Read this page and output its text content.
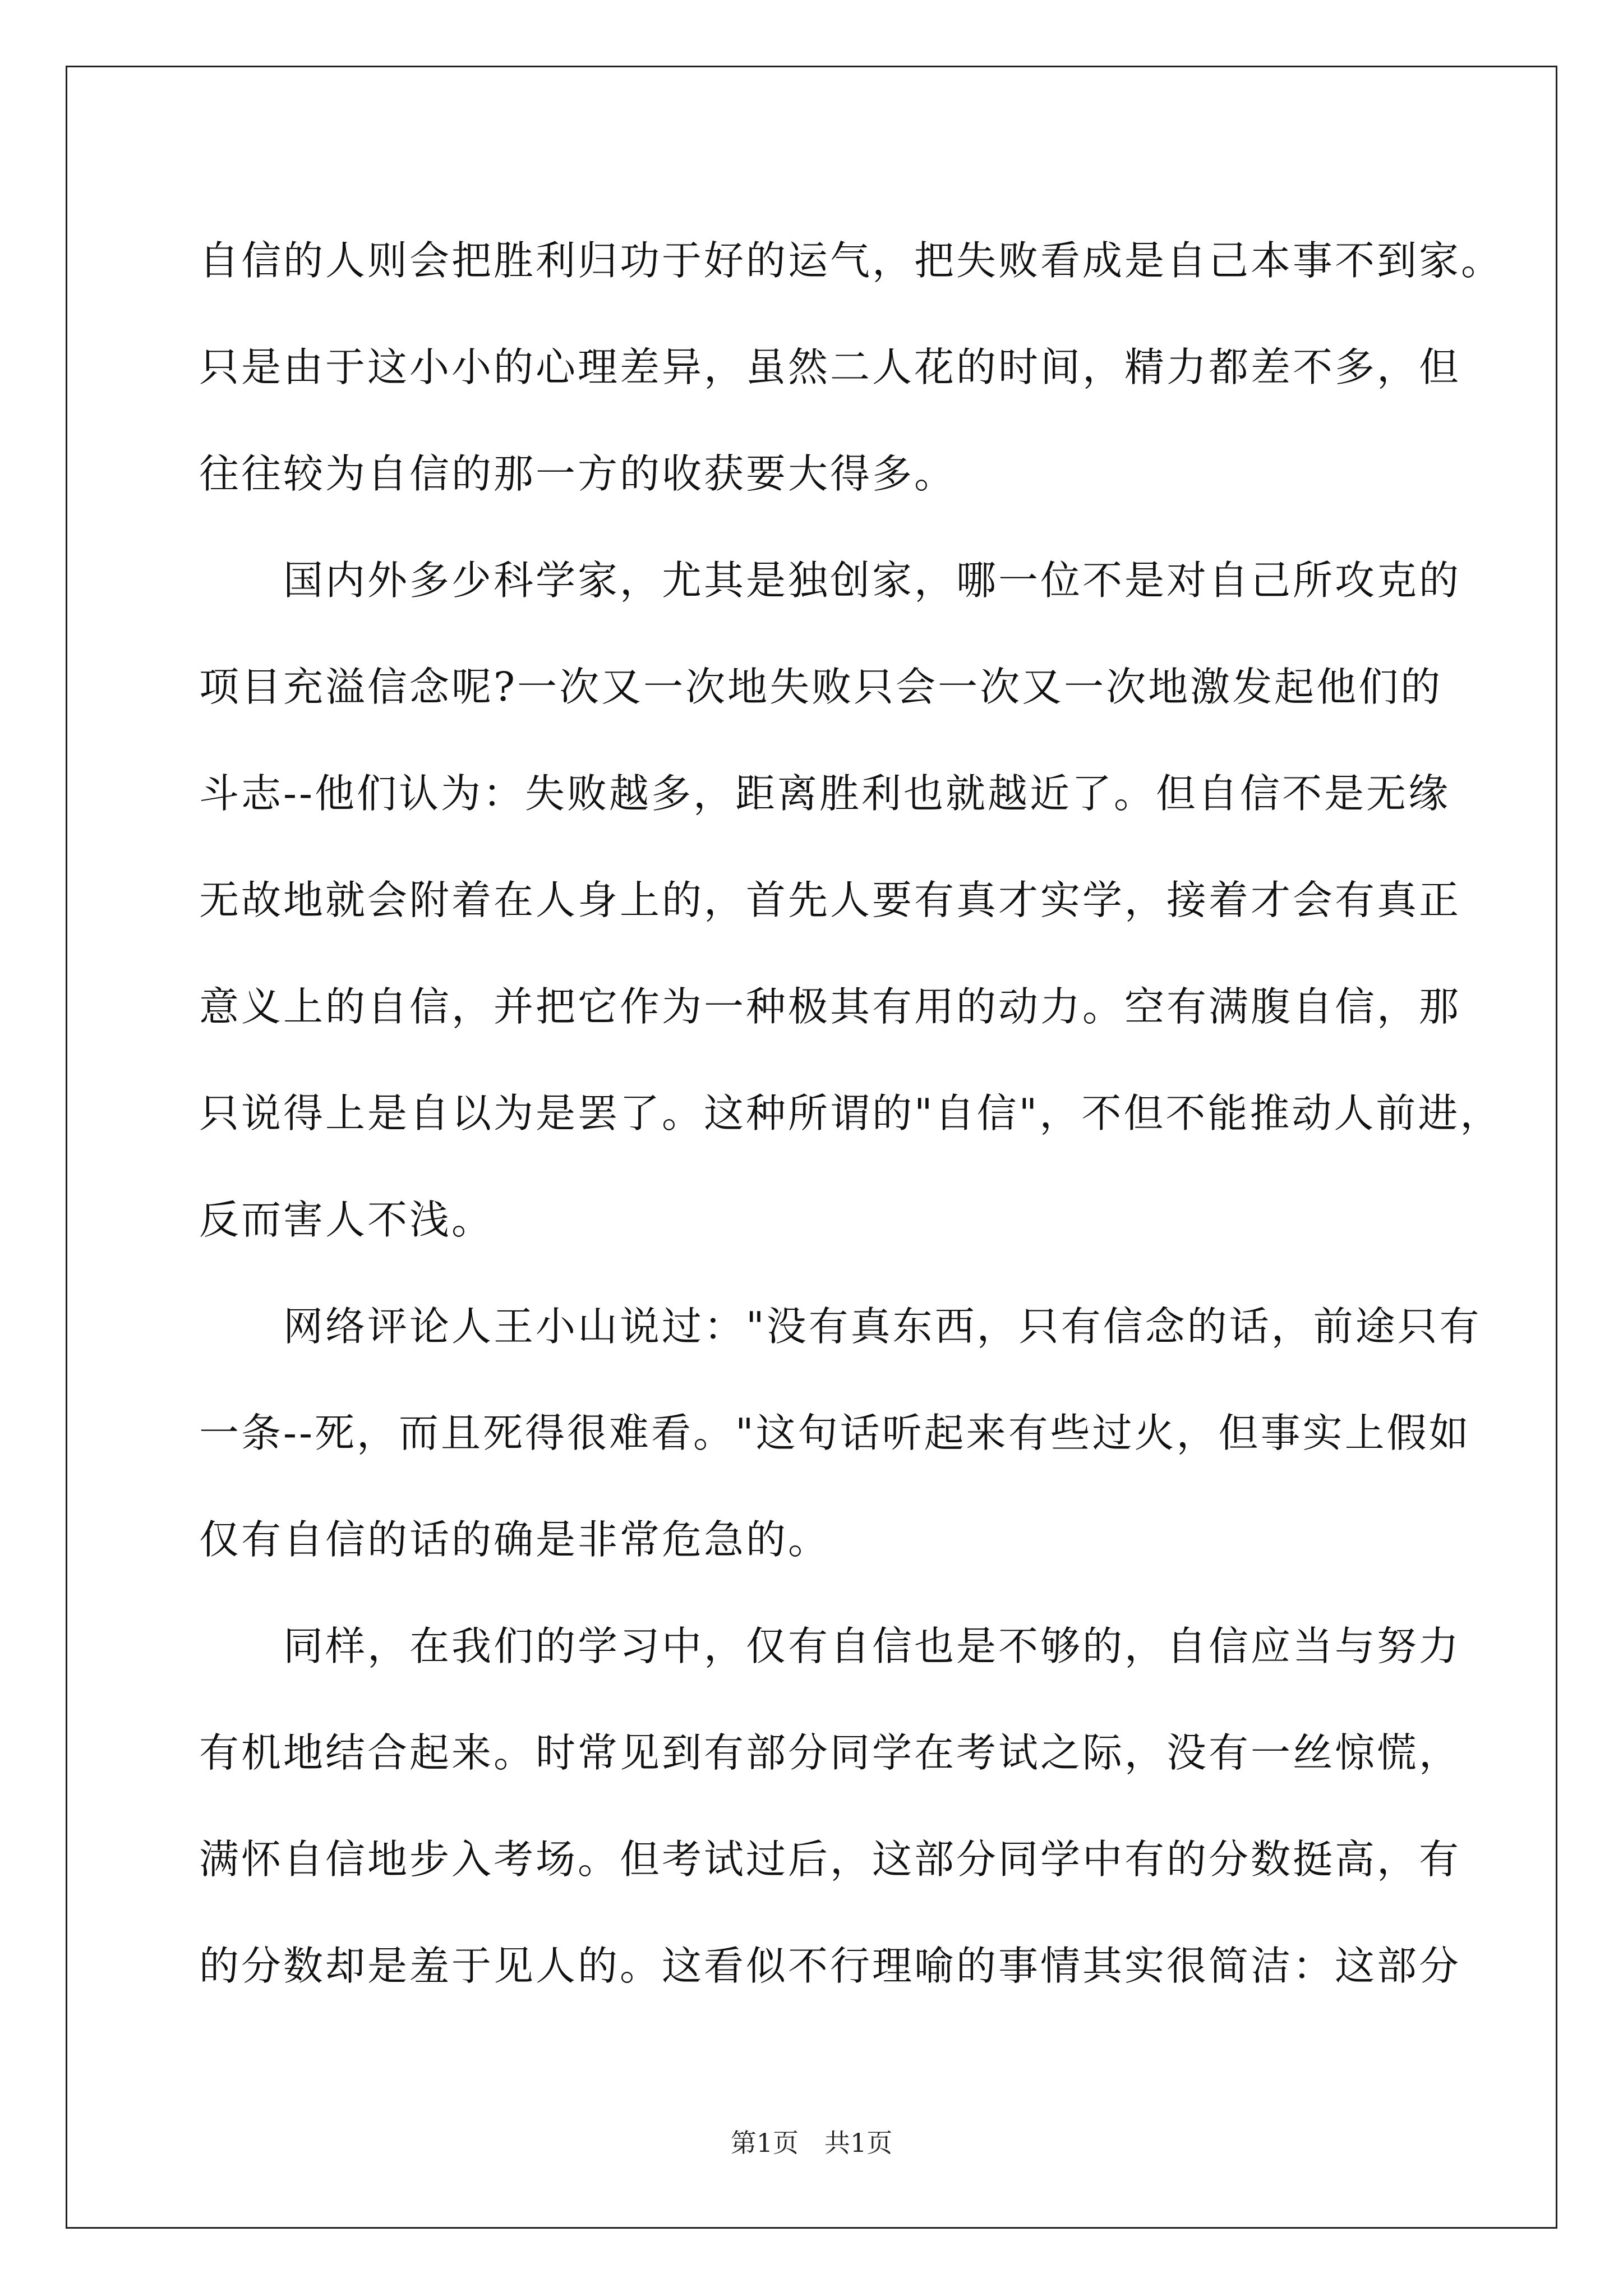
自信的人则会把胜利归功于好的运气，把失败看成是自己本事不到家。
只是由于这小小的心理差异，虽然二人花的时间，精力都差不多，但
往往较为自信的那一方的收获要大得多。
国内外多少科学家，尤其是独创家，哪一位不是对自己所攻克的
项目充溢信念呢?一次又一次地失败只会一次又一次地激发起他们的
斗志--他们认为：失败越多，距离胜利也就越近了。但自信不是无缘
无故地就会附着在人身上的，首先人要有真才实学，接着才会有真正
意义上的自信，并把它作为一种极其有用的动力。空有满腹自信，那
只说得上是自以为是罢了。这种所谓的"自信"，不但不能推动人前进，
反而害人不浅。
网络评论人王小山说过："没有真东西，只有信念的话，前途只有
一条--死，而且死得很难看。"这句话听起来有些过火，但事实上假如
仅有自信的话的确是非常危急的。
同样，在我们的学习中，仅有自信也是不够的，自信应当与努力
有机地结合起来。时常见到有部分同学在考试之际，没有一丝惊慌，
满怀自信地步入考场。但考试过后，这部分同学中有的分数挺高，有
的分数却是羞于见人的。这看似不行理喻的事情其实很简洁：这部分
第1页　共1页
